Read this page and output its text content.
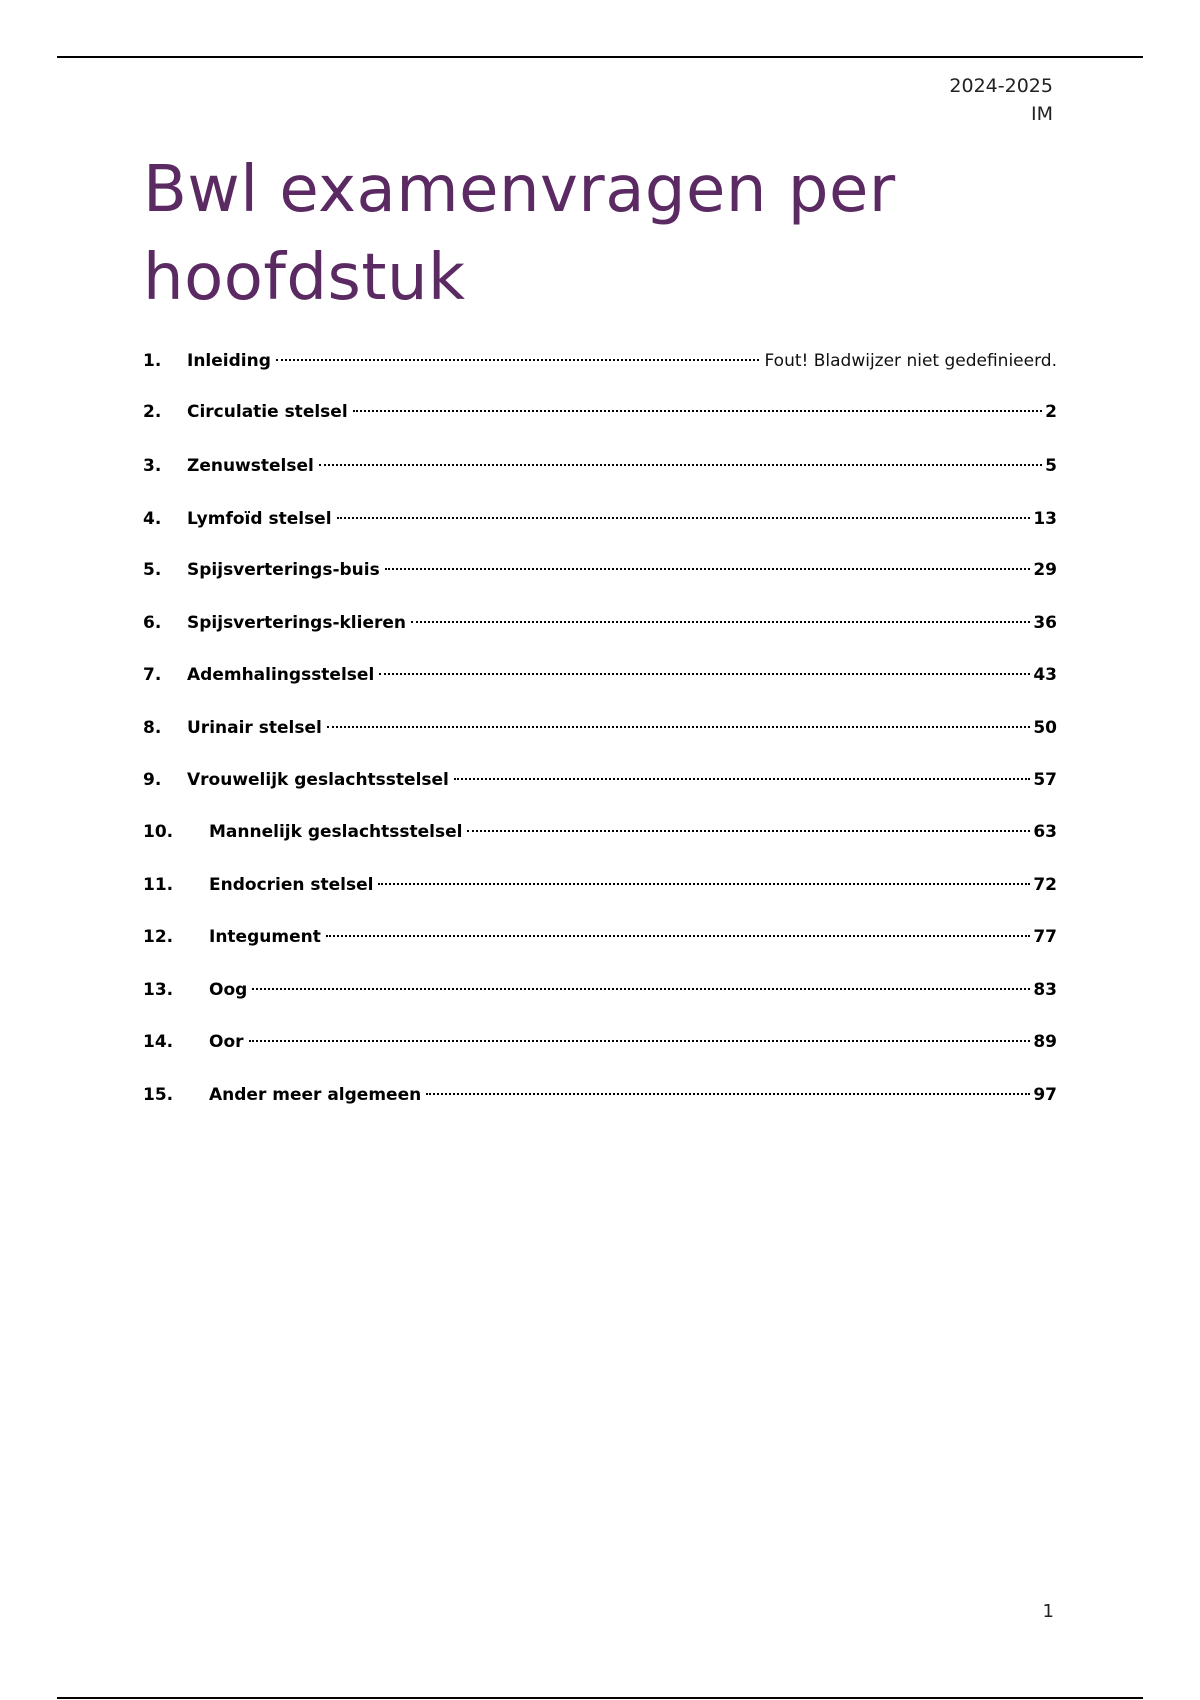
2024-2025
IM
Bwl examenvragen per hoofdstuk
1.	Inleiding	Fout! Bladwijzer niet gedefinieerd.
2.	Circulatie stelsel	2
3.	Zenuwstelsel	5
4.	Lymfoïd stelsel	13
5.	Spijsverterings-buis	29
6.	Spijsverterings-klieren	36
7.	Ademhalingsstelsel	43
8.	Urinair stelsel	50
9.	Vrouwelijk geslachtsstelsel	57
10.	Mannelijk geslachtsstelsel	63
11.	Endocrien stelsel	72
12.	Integument	77
13.	Oog	83
14.	Oor	89
15.	Ander meer algemeen	97
1
